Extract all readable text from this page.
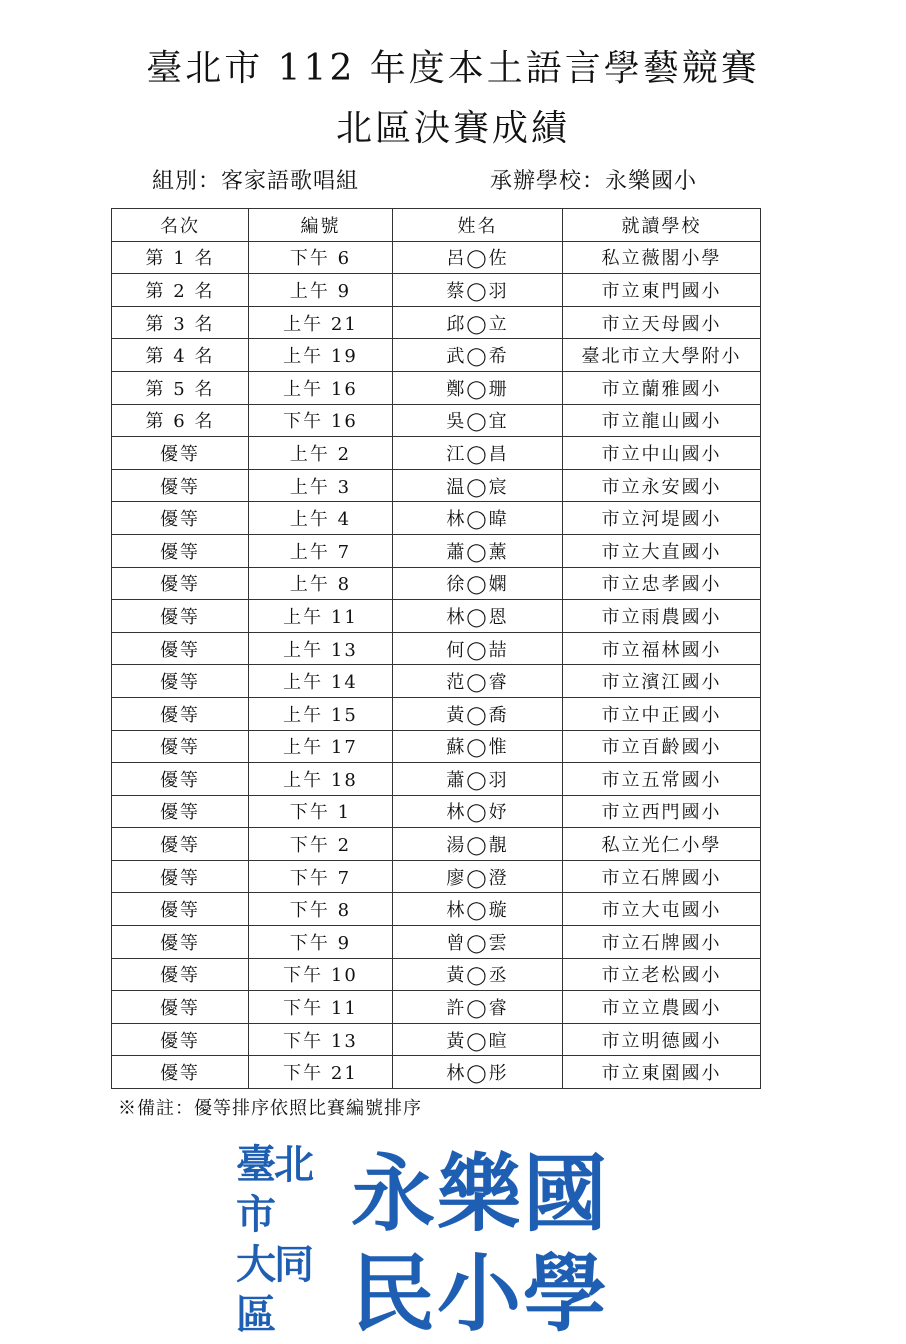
臺北市 112 年度本土語言學藝競賽
北區決賽成績
組別：客家語歌唱組	承辦學校：永樂國小
名次	編號	姓名	就讀學校
第 1 名	下午 6	呂◯佐	私立薇閣小學
第 2 名	上午 9	蔡◯羽	市立東門國小
第 3 名	上午 21	邱◯立	市立天母國小
第 4 名	上午 19	武◯希	臺北市立大學附小
第 5 名	上午 16	鄭◯珊	市立蘭雅國小
第 6 名	下午 16	吳◯宜	市立龍山國小
優等	上午 2	江◯昌	市立中山國小
優等	上午 3	温◯宸	市立永安國小
優等	上午 4	林◯暐	市立河堤國小
優等	上午 7	蕭◯薰	市立大直國小
優等	上午 8	徐◯嫻	市立忠孝國小
優等	上午 11	林◯恩	市立雨農國小
優等	上午 13	何◯喆	市立福林國小
優等	上午 14	范◯睿	市立濱江國小
優等	上午 15	黃◯喬	市立中正國小
優等	上午 17	蘇◯惟	市立百齡國小
優等	上午 18	蕭◯羽	市立五常國小
優等	下午 1	林◯妤	市立西門國小
優等	下午 2	湯◯靚	私立光仁小學
優等	下午 7	廖◯澄	市立石牌國小
優等	下午 8	林◯璇	市立大屯國小
優等	下午 9	曾◯雲	市立石牌國小
優等	下午 10	黃◯丞	市立老松國小
優等	下午 11	許◯睿	市立立農國小
優等	下午 13	黃◯暄	市立明德國小
優等	下午 21	林◯彤	市立東園國小
※備註：優等排序依照比賽編號排序
臺北市
大同區
永樂國民小學
